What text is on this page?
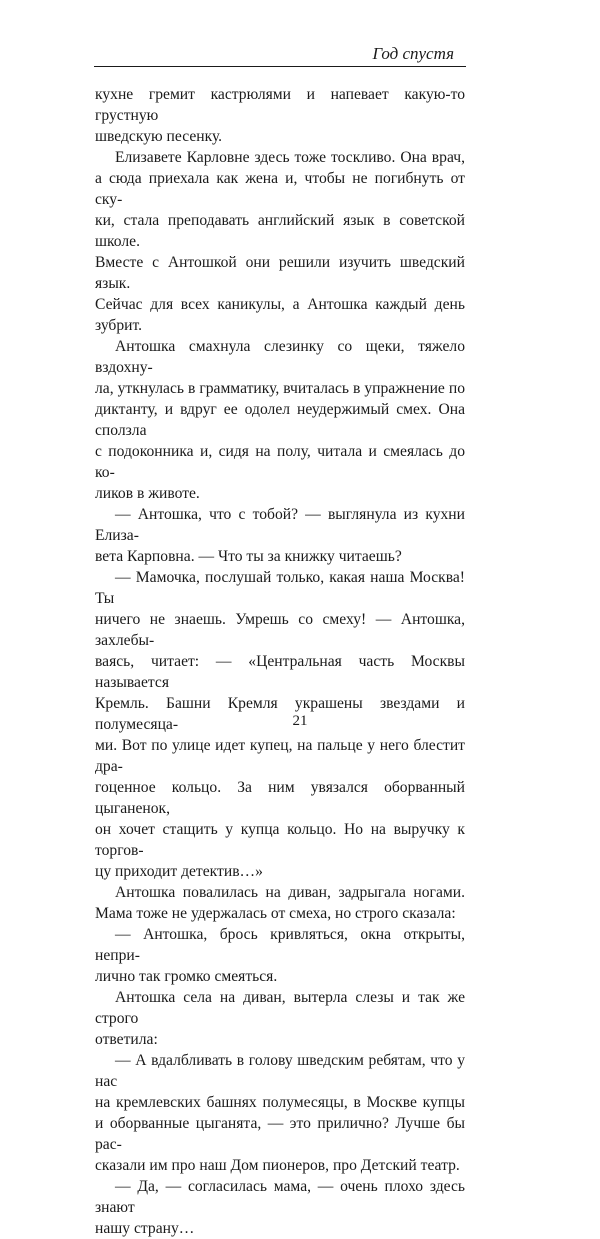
Год спустя
кухне гремит кастрюлями и напевает какую-то грустную
шведскую песенку.
Елизавете Карловне здесь тоже тоскливо. Она врач,
а сюда приехала как жена и, чтобы не погибнуть от ску-
ки, стала преподавать английский язык в советской школе.
Вместе с Антошкой они решили изучить шведский язык.
Сейчас для всех каникулы, а Антошка каждый день зубрит.
Антошка смахнула слезинку со щеки, тяжело вздохну-
ла, уткнулась в грамматику, вчиталась в упражнение по
диктанту, и вдруг ее одолел неудержимый смех. Она сползла
с подоконника и, сидя на полу, читала и смеялась до ко-
ликов в животе.
— Антошка, что с тобой? — выглянула из кухни Елиза-
вета Карповна. — Что ты за книжку читаешь?
— Мамочка, послушай только, какая наша Москва! Ты
ничего не знаешь. Умрешь со смеху! — Антошка, захлебы-
ваясь, читает: — «Центральная часть Москвы называется
Кремль. Башни Кремля украшены звездами и полумесяца-
ми. Вот по улице идет купец, на пальце у него блестит дра-
гоценное кольцо. За ним увязался оборванный цыганенок,
он хочет стащить у купца кольцо. Но на выручку к торгов-
цу приходит детектив…»
Антошка повалилась на диван, задрыгала ногами.
Мама тоже не удержалась от смеха, но строго сказала:
— Антошка, брось кривляться, окна открыты, непри-
лично так громко смеяться.
Антошка села на диван, вытерла слезы и так же строго
ответила:
— А вдалбливать в голову шведским ребятам, что у нас
на кремлевских башнях полумесяцы, в Москве купцы
и оборванные цыганята, — это прилично? Лучше бы рас-
сказали им про наш Дом пионеров, про Детский театр.
— Да, — согласилась мама, — очень плохо здесь знают
нашу страну…
21
